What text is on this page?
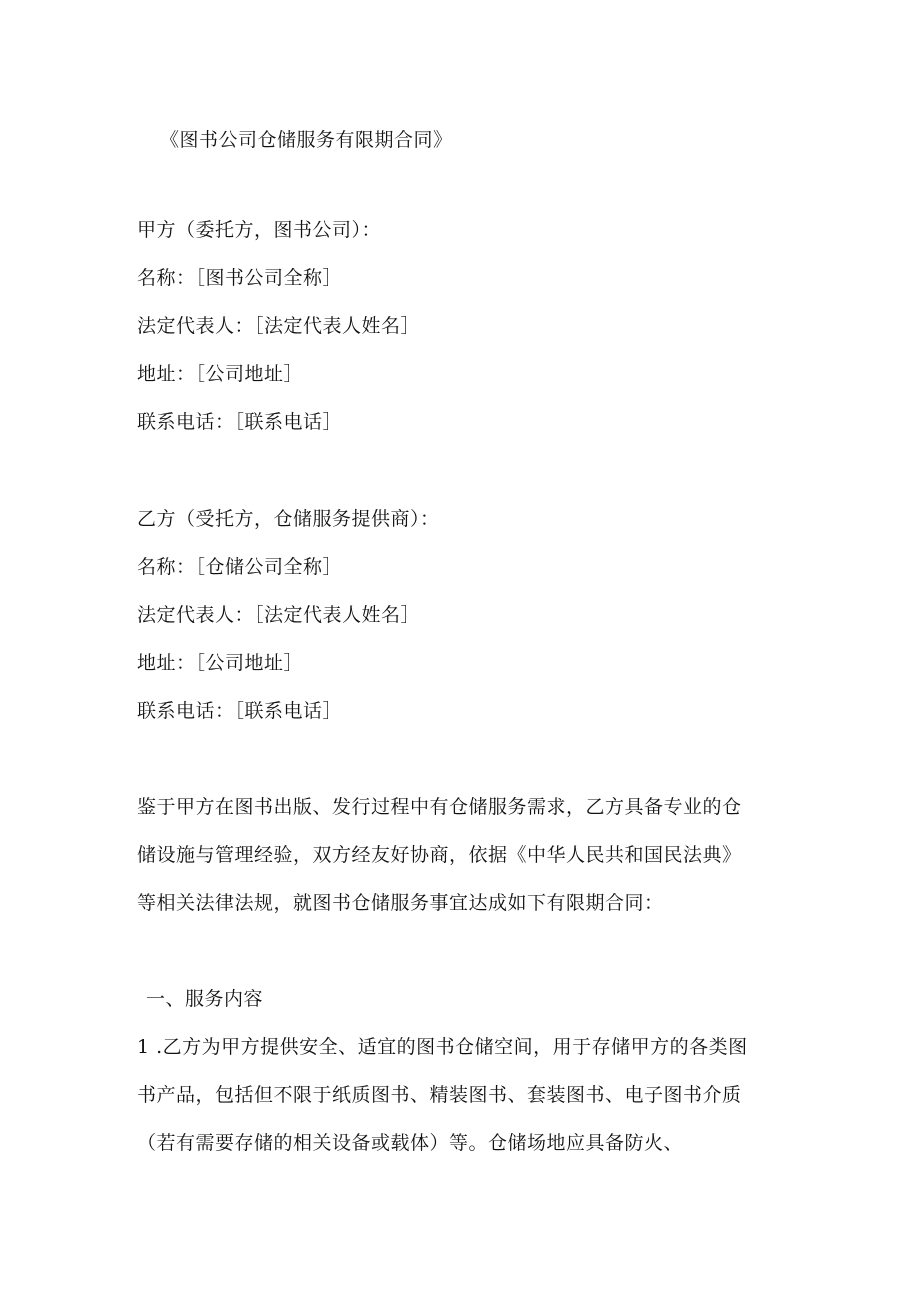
《图书公司仓储服务有限期合同》
甲方（委托方，图书公司）：
名称：［图书公司全称］
法定代表人：［法定代表人姓名］
地址：［公司地址］
联系电话：［联系电话］
乙方（受托方，仓储服务提供商）：
名称：［仓储公司全称］
法定代表人：［法定代表人姓名］
地址：［公司地址］
联系电话：［联系电话］
鉴于甲方在图书出版、发行过程中有仓储服务需求，乙方具备专业的仓
储设施与管理经验，双方经友好协商，依据《中华人民共和国民法典》
等相关法律法规，就图书仓储服务事宜达成如下有限期合同：
一、服务内容
1 .乙方为甲方提供安全、适宜的图书仓储空间，用于存储甲方的各类图
书产品，包括但不限于纸质图书、精装图书、套装图书、电子图书介质
（若有需要存储的相关设备或载体）等。仓储场地应具备防火、
